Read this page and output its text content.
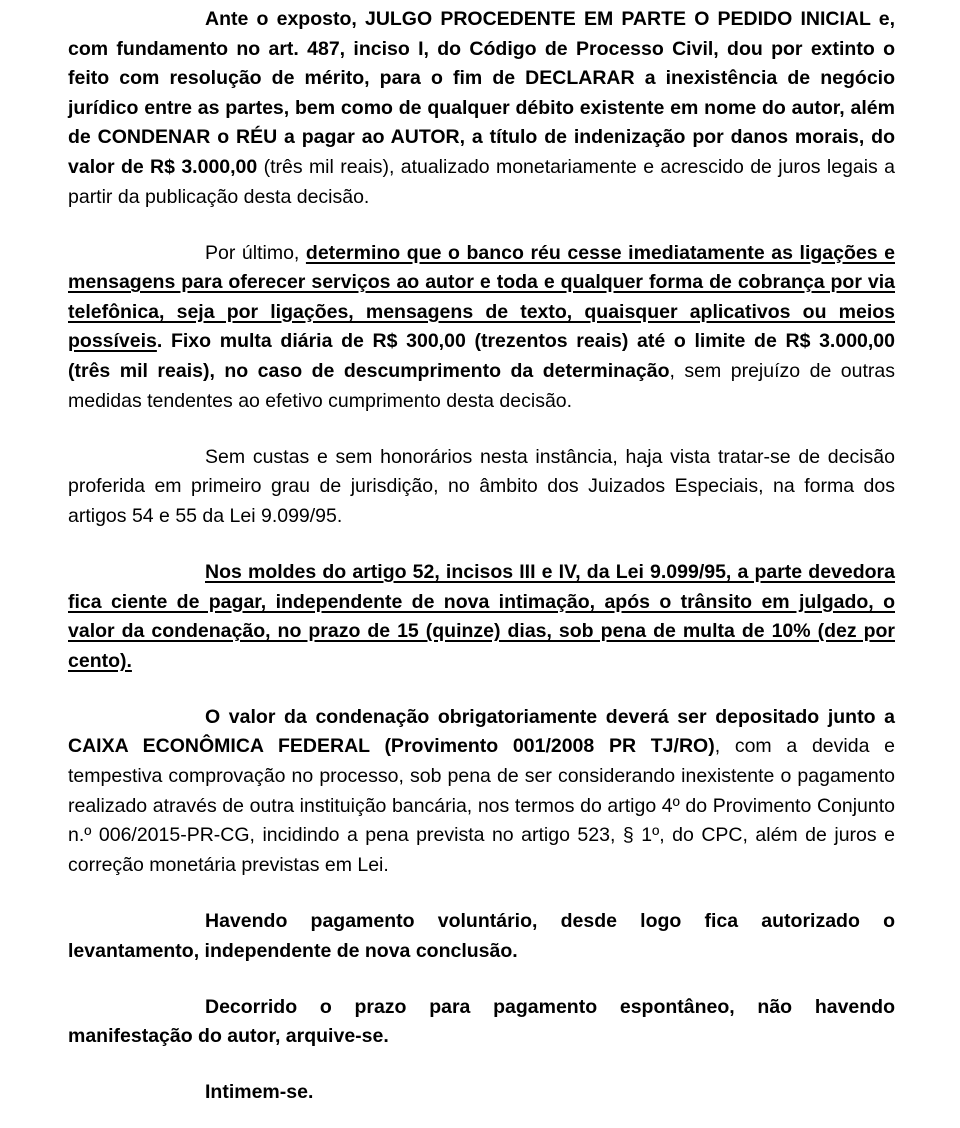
Ante o exposto, JULGO PROCEDENTE EM PARTE O PEDIDO INICIAL e, com fundamento no art. 487, inciso I, do Código de Processo Civil, dou por extinto o feito com resolução de mérito, para o fim de DECLARAR a inexistência de negócio jurídico entre as partes, bem como de qualquer débito existente em nome do autor, além de CONDENAR o RÉU a pagar ao AUTOR, a título de indenização por danos morais, do valor de R$ 3.000,00 (três mil reais), atualizado monetariamente e acrescido de juros legais a partir da publicação desta decisão.

Por último, determino que o banco réu cesse imediatamente as ligações e mensagens para oferecer serviços ao autor e toda e qualquer forma de cobrança por via telefônica, seja por ligações, mensagens de texto, quaisquer aplicativos ou meios possíveis. Fixo multa diária de R$ 300,00 (trezentos reais) até o limite de R$ 3.000,00 (três mil reais), no caso de descumprimento da determinação, sem prejuízo de outras medidas tendentes ao efetivo cumprimento desta decisão.

Sem custas e sem honorários nesta instância, haja vista tratar-se de decisão proferida em primeiro grau de jurisdição, no âmbito dos Juizados Especiais, na forma dos artigos 54 e 55 da Lei 9.099/95.

Nos moldes do artigo 52, incisos III e IV, da Lei 9.099/95, a parte devedora fica ciente de pagar, independente de nova intimação, após o trânsito em julgado, o valor da condenação, no prazo de 15 (quinze) dias, sob pena de multa de 10% (dez por cento).

O valor da condenação obrigatoriamente deverá ser depositado junto a CAIXA ECONÔMICA FEDERAL (Provimento 001/2008 PR TJ/RO), com a devida e tempestiva comprovação no processo, sob pena de ser considerando inexistente o pagamento realizado através de outra instituição bancária, nos termos do artigo 4º do Provimento Conjunto n.º 006/2015-PR-CG, incidindo a pena prevista no artigo 523, § 1º, do CPC, além de juros e correção monetária previstas em Lei.

Havendo pagamento voluntário, desde logo fica autorizado o levantamento, independente de nova conclusão.

Decorrido o prazo para pagamento espontâneo, não havendo manifestação do autor, arquive-se.

Intimem-se.
